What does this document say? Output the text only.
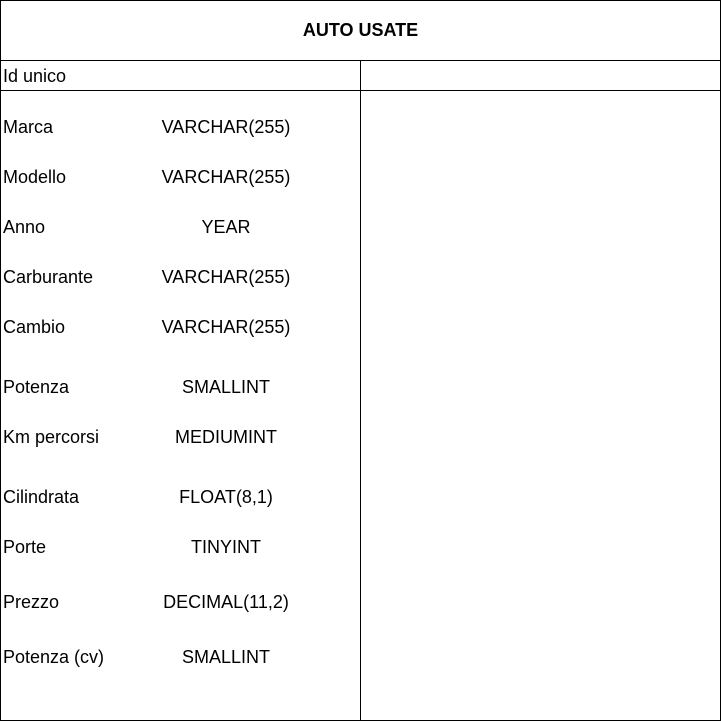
AUTO USATE
Id unico
Marca	VARCHAR(255)
Modello	VARCHAR(255)
Anno	YEAR
Carburante	VARCHAR(255)
Cambio	VARCHAR(255)
Potenza	SMALLINT
Km percorsi	MEDIUMINT
Cilindrata	FLOAT(8,1)
Porte	TINYINT
Prezzo	DECIMAL(11,2)
Potenza (cv)	SMALLINT
